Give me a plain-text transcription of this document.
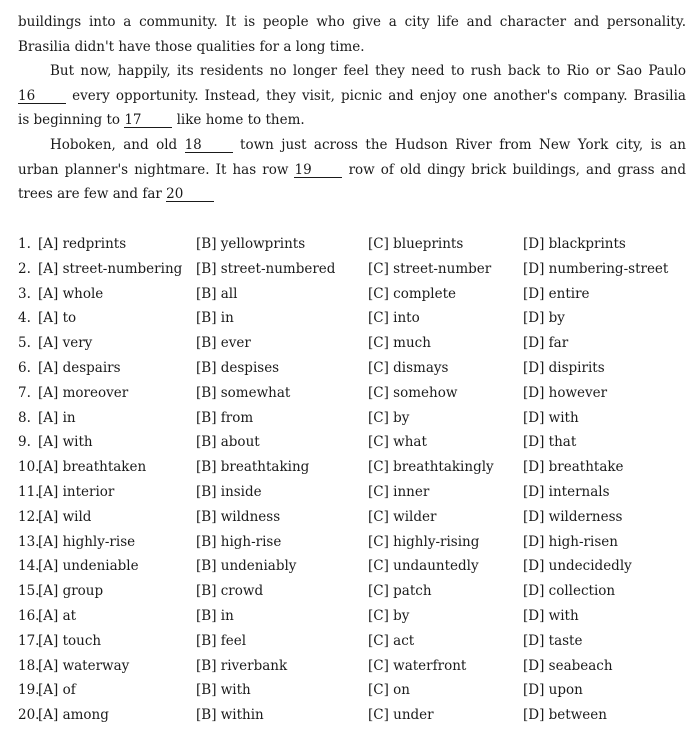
buildings into a community. It is people who give a city life and character and personality.
Brasilia didn't have those qualities for a long time.
But now, happily, its residents no longer feel they need to rush back to Rio or Sao Paulo
16	every opportunity. Instead, they visit, picnic and enjoy one another's company. Brasilia
is beginning to 17	like home to them.
Hoboken, and old 18	town just across the Hudson River from New York city, is an
urban planner's nightmare. It has row 19	row of old dingy brick buildings, and grass and
trees are few and far 20
1. [A] redprints	[B] yellowprints	[C] blueprints	[D] blackprints
2. [A] street-numbering	[B] street-numbered	[C] street-number	[D] numbering-street
3. [A] whole	[B] all	[C] complete	[D] entire
4. [A] to	[B] in	[C] into	[D] by
5. [A] very	[B] ever	[C] much	[D] far
6. [A] despairs	[B] despises	[C] dismays	[D] dispirits
7. [A] moreover	[B] somewhat	[C] somehow	[D] however
8. [A] in	[B] from	[C] by	[D] with
9. [A] with	[B] about	[C] what	[D] that
10.
[A] breathtaken	[B] breathtaking	[C] breathtakingly	[D] breathtake
11.
[A] interior	[B] inside	[C] inner	[D] internals
12.
[A] wild	[B] wildness	[C] wilder	[D] wilderness
13.
[A] highly-rise	[B] high-rise	[C] highly-rising	[D] high-risen
14.
[A] undeniable	[B] undeniably	[C] undauntedly	[D] undecidedly
15.
[A] group	[B] crowd	[C] patch	[D] collection
16.
[A] at	[B] in	[C] by	[D] with
17.
[A] touch	[B] feel	[C] act	[D] taste
18.
[A] waterway	[B] riverbank	[C] waterfront	[D] seabeach
19.
[A] of	[B] with	[C] on	[D] upon
20.
[A] among	[B] within	[C] under	[D] between
